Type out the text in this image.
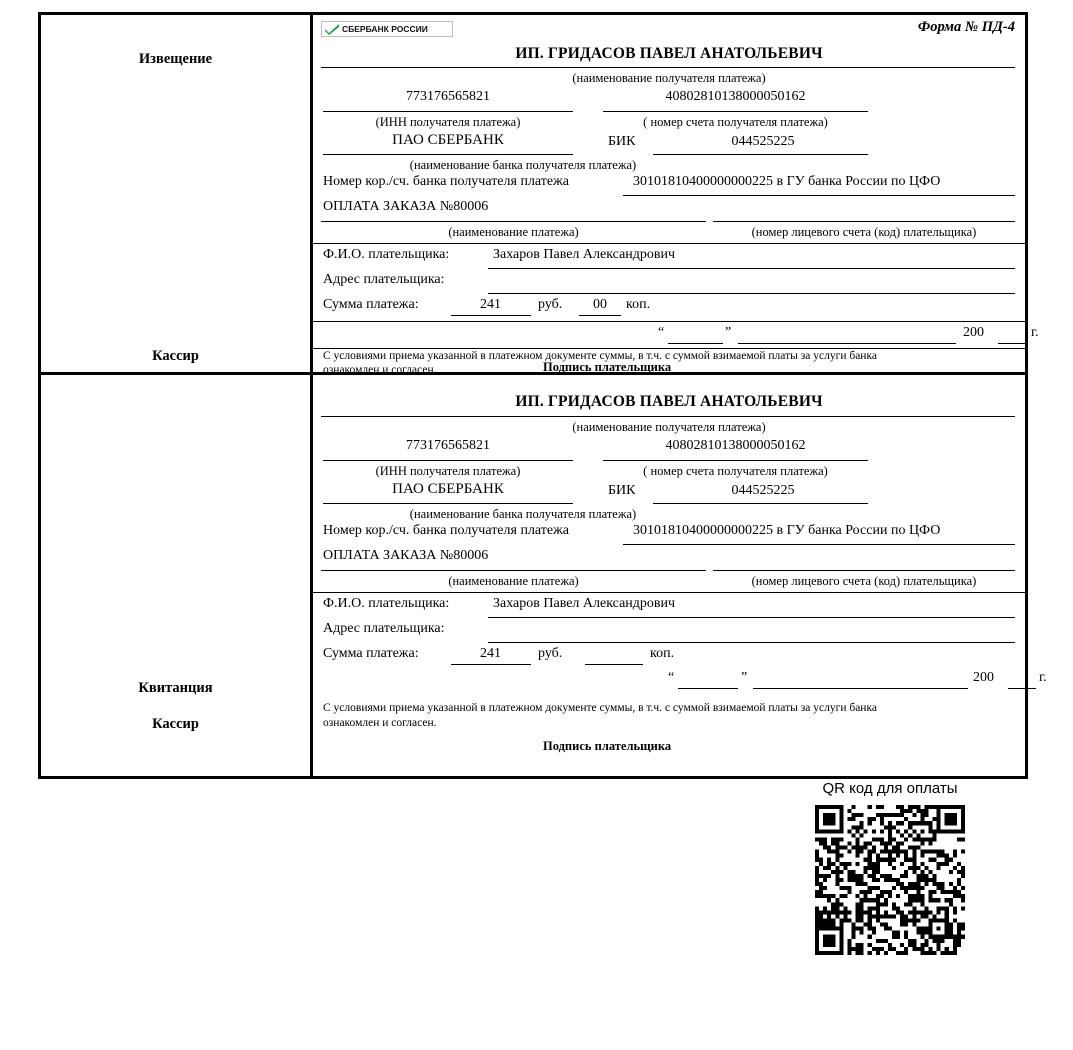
Извещение
Кассир
СБЕРБАНК РОССИИ	Форма № ПД-4
ИП. ГРИДАСОВ ПАВЕЛ АНАТОЛЬЕВИЧ
(наименование получателя платежа)
773176565821
(ИНН получателя платежа)
40802810138000050162
( номер счета получателя платежа)
ПАО СБЕРБАНК
(наименование банка получателя платежа)
БИК	044525225
Номер кор./сч. банка получателя платежа	30101810400000000225 в ГУ банка России по ЦФО
ОПЛАТА ЗАКАЗА №80006
(наименование платежа)	(номер лицевого счета (код) плательщика)
Ф.И.О. плательщика:	Захаров Павел Александрович
Адрес плательщика:
Сумма платежа:	241	руб.	00	коп.
“	”	200	г.
С условиями приема указанной в платежном документе суммы, в т.ч. с суммой взимаемой платы за услуги банка
ознакомлен и согласен.	Подпись плательщика
Квитанция
Кассир
ИП. ГРИДАСОВ ПАВЕЛ АНАТОЛЬЕВИЧ
(наименование получателя платежа)
773176565821
(ИНН получателя платежа)
40802810138000050162
( номер счета получателя платежа)
ПАО СБЕРБАНК
(наименование банка получателя платежа)
БИК	044525225
Номер кор./сч. банка получателя платежа	30101810400000000225 в ГУ банка России по ЦФО
ОПЛАТА ЗАКАЗА №80006
(наименование платежа)	(номер лицевого счета (код) плательщика)
Ф.И.О. плательщика:	Захаров Павел Александрович
Адрес плательщика:
Сумма платежа:	241	руб.	коп.
“	”	200	г.
С условиями приема указанной в платежном документе суммы, в т.ч. с суммой взимаемой платы за услуги банка
ознакомлен и согласен.
Подпись плательщика
QR код для оплаты
